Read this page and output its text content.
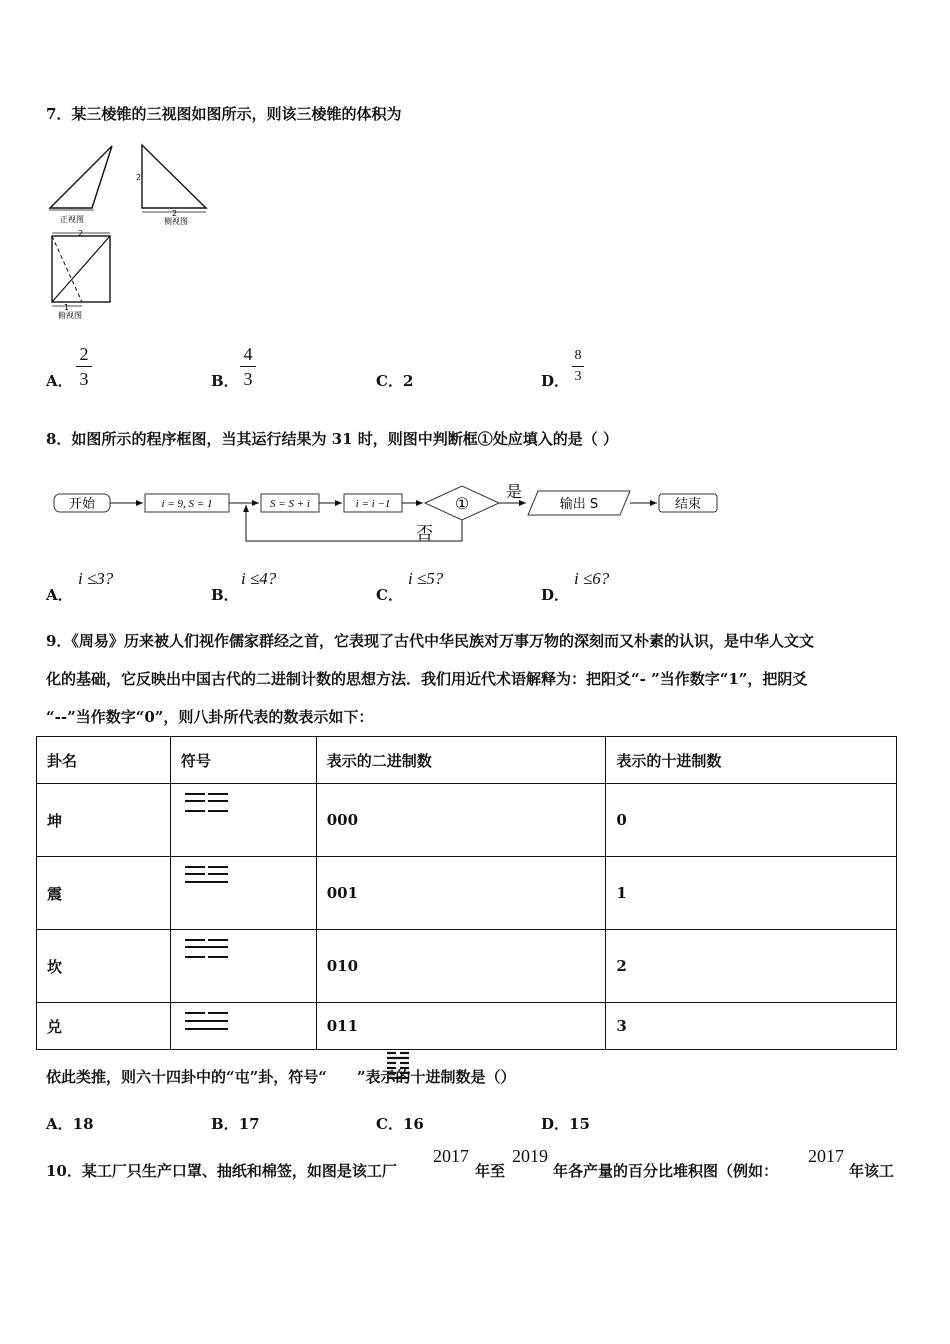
7．某三棱锥的三视图如图所示，则该三棱锥的体积为
正视图
2
2
侧视图
2
1
俯视图
A．
2
3	B．
4
3	C．2	D．
8
3
8．如图所示的程序框图，当其运行结果为 31 时，则图中判断框①处应填入的是（ ）
开始	i = 9, S = 1	S = S + i	i = i −1	①
是
输出 S	结束
否
A．
i ≤3?
B．
i ≤4?
C．
i ≤5?
D．
i ≤6?
9．《周易》历来被人们视作儒家群经之首，它表现了古代中华民族对万事万物的深刻而又朴素的认识，是中华人文文
化的基础，它反映出中国古代的二进制计数的思想方法．我们用近代术语解释为：把阳爻“- ”当作数字“1”，把阴爻
“--”当作数字“0”，则八卦所代表的数表示如下：
卦名	符号	表示的二进制数	表示的十进制数
坤		000	0
震		001	1
坎		010	2
兑		011	3
依此类推，则六十四卦中的“屯”卦，符号“ ”表示的十进制数是（）
A．18	B．17	C．16	D．15
10．某工厂只生产口罩、抽纸和棉签，如图是该工厂
2017
年至
2019
年各产量的百分比堆积图（例如：
2017
年该工
